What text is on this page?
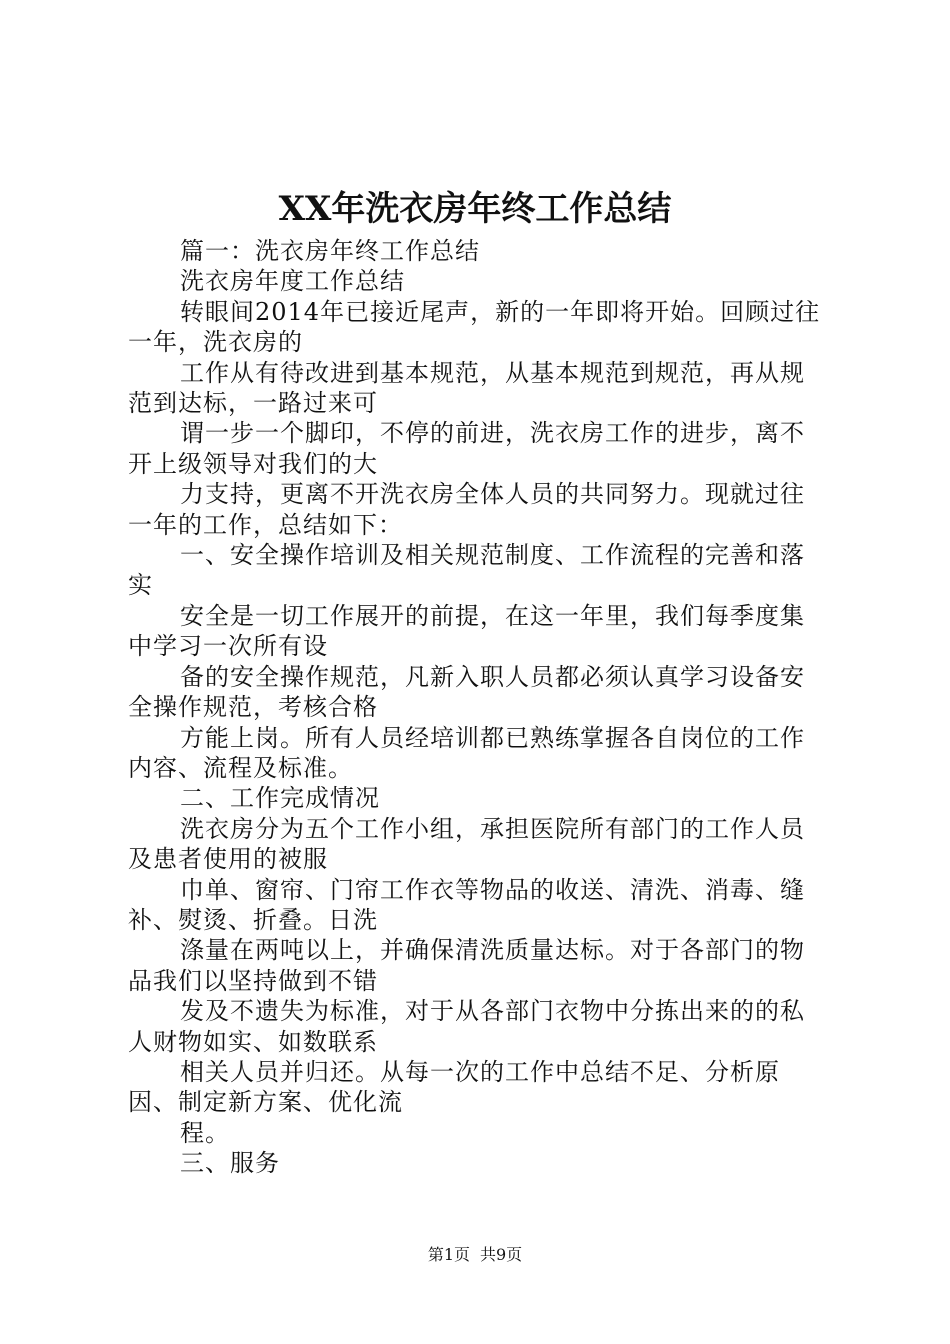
XX年洗衣房年终工作总结

篇一：洗衣房年终工作总结

洗衣房年度工作总结

转眼间2014年已接近尾声，新的一年即将开始。回顾过往一年，洗衣房的

工作从有待改进到基本规范，从基本规范到规范，再从规范到达标，一路过来可

谓一步一个脚印，不停的前进，洗衣房工作的进步，离不开上级领导对我们的大

力支持，更离不开洗衣房全体人员的共同努力。现就过往一年的工作，总结如下：

一、安全操作培训及相关规范制度、工作流程的完善和落实

安全是一切工作展开的前提，在这一年里，我们每季度集中学习一次所有设

备的安全操作规范，凡新入职人员都必须认真学习设备安全操作规范，考核合格

方能上岗。所有人员经培训都已熟练掌握各自岗位的工作内容、流程及标准。

二、工作完成情况

洗衣房分为五个工作小组，承担医院所有部门的工作人员及患者使用的被服

巾单、窗帘、门帘工作衣等物品的收送、清洗、消毒、缝补、熨烫、折叠。日洗

涤量在两吨以上，并确保清洗质量达标。对于各部门的物品我们以坚持做到不错

发及不遗失为标准，对于从各部门衣物中分拣出来的的私人财物如实、如数联系

相关人员并归还。从每一次的工作中总结不足、分析原因、制定新方案、优化流

程。

三、服务

第1页 共9页
